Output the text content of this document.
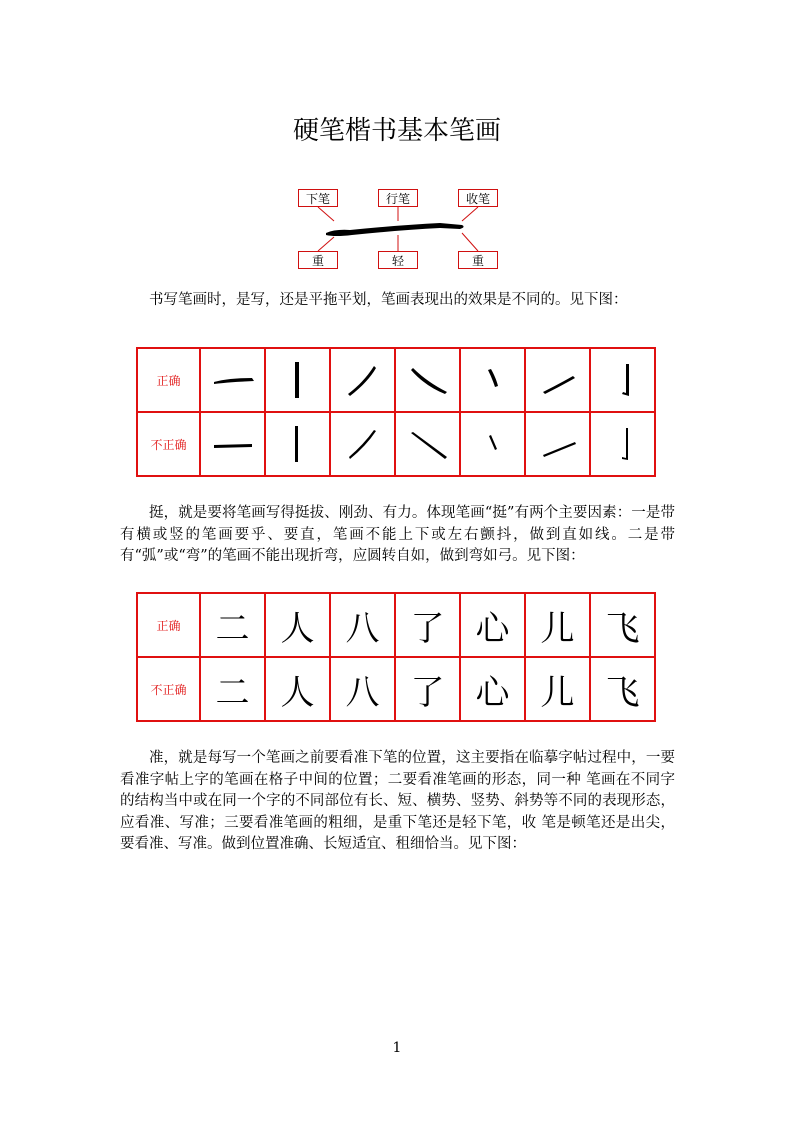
硬笔楷书基本笔画
下笔	行笔	收笔
重	轻	重

书写笔画时，是写，还是平拖平划，笔画表现出的效果是不同的。见下图：

正确	

不正确	

挺，就是要将笔画写得挺拔、刚劲、有力。体现笔画“挺”有两个主要因素：一是带有横或竖的笔画要乎、要直，笔画不能上下或左右颤抖，做到直如线。二是带有“弧”或“弯”的笔画不能出现折弯，应圆转自如，做到弯如弓。见下图：

正确	二	人	八	了	心	儿	飞
不正确	二	人	八	了	心	儿	飞

准，就是每写一个笔画之前要看准下笔的位置，这主要指在临摹字帖过程中，一要看准字帖上字的笔画在格子中间的位置；二要看准笔画的形态，同一种 笔画在不同字的结构当中或在同一个字的不同部位有长、短、横势、竖势、斜势等不同的表现形态，应看准、写准；三要看准笔画的粗细，是重下笔还是轻下笔，收 笔是顿笔还是出尖，要看准、写准。做到位置准确、长短适宜、租细恰当。见下图：

1
